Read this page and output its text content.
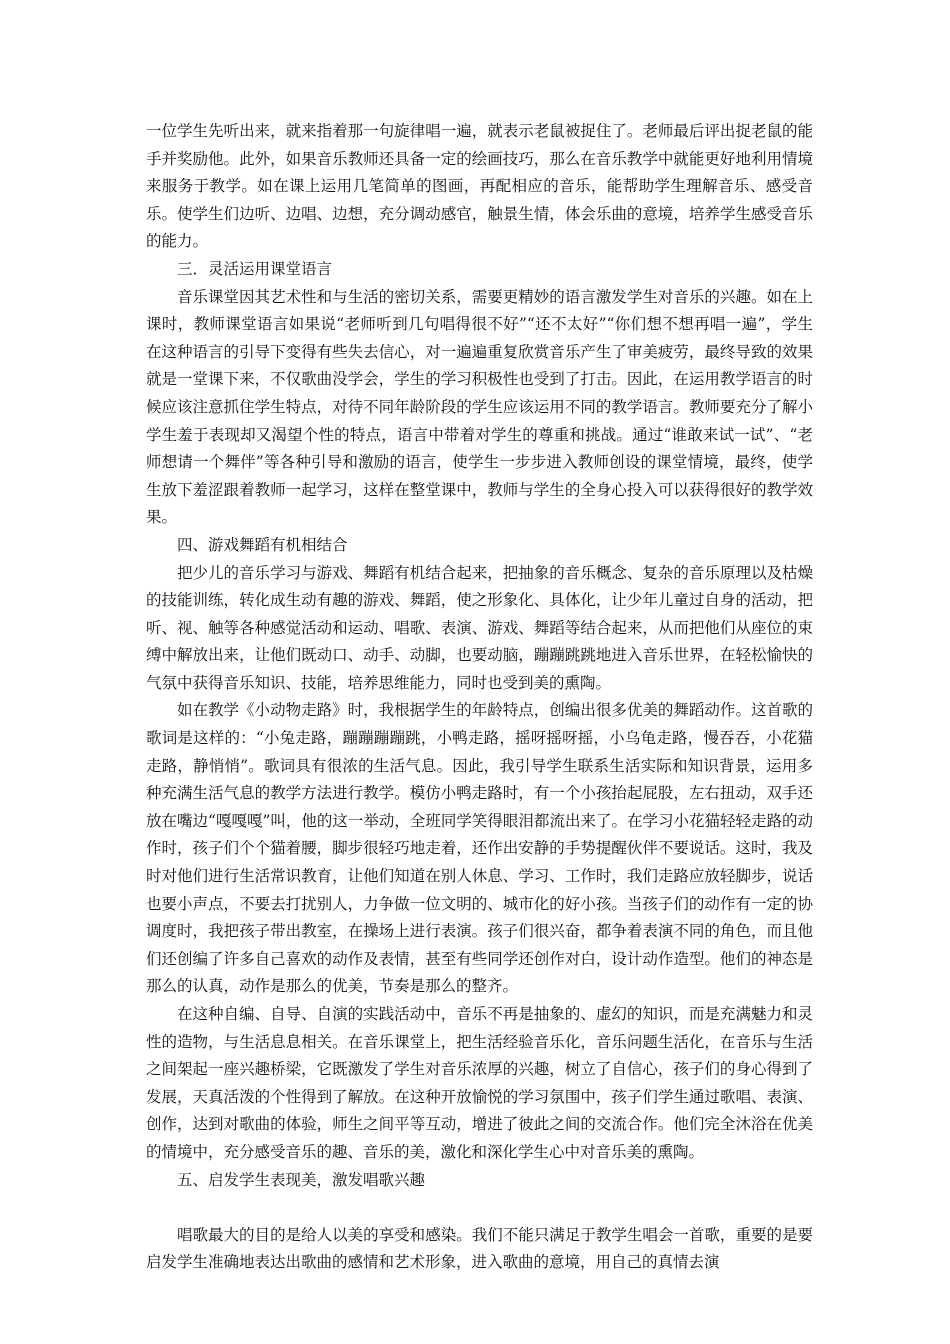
一位学生先听出来，就来指着那一句旋律唱一遍，就表示老鼠被捉住了。老师最后评出捉老鼠的能手并奖励他。此外，如果音乐教师还具备一定的绘画技巧，那么在音乐教学中就能更好地利用情境来服务于教学。如在课上运用几笔简单的图画，再配相应的音乐，能帮助学生理解音乐、感受音乐。使学生们边听、边唱、边想，充分调动感官，触景生情，体会乐曲的意境，培养学生感受音乐的能力。

三．灵活运用课堂语言

音乐课堂因其艺术性和与生活的密切关系，需要更精妙的语言激发学生对音乐的兴趣。如在上课时，教师课堂语言如果说“老师听到几句唱得很不好”“还不太好”“你们想不想再唱一遍”，学生在这种语言的引导下变得有些失去信心，对一遍遍重复欣赏音乐产生了审美疲劳，最终导致的效果就是一堂课下来，不仅歌曲没学会，学生的学习积极性也受到了打击。因此，在运用教学语言的时候应该注意抓住学生特点，对待不同年龄阶段的学生应该运用不同的教学语言。教师要充分了解小学生羞于表现却又渴望个性的特点，语言中带着对学生的尊重和挑战。通过“谁敢来试一试”、“老师想请一个舞伴”等各种引导和激励的语言，使学生一步步进入教师创设的课堂情境，最终，使学生放下羞涩跟着教师一起学习，这样在整堂课中，教师与学生的全身心投入可以获得很好的教学效果。

四、游戏舞蹈有机相结合

把少儿的音乐学习与游戏、舞蹈有机结合起来，把抽象的音乐概念、复杂的音乐原理以及枯燥的技能训练，转化成生动有趣的游戏、舞蹈，使之形象化、具体化，让少年儿童过自身的活动，把听、视、触等各种感觉活动和运动、唱歌、表演、游戏、舞蹈等结合起来，从而把他们从座位的束缚中解放出来，让他们既动口、动手、动脚，也要动脑，蹦蹦跳跳地进入音乐世界，在轻松愉快的气氛中获得音乐知识、技能，培养思维能力，同时也受到美的熏陶。

如在教学《小动物走路》时，我根据学生的年龄特点，创编出很多优美的舞蹈动作。这首歌的歌词是这样的：“小兔走路，蹦蹦蹦蹦跳，小鸭走路，摇呀摇呀摇，小乌龟走路，慢吞吞，小花猫走路，静悄悄”。歌词具有很浓的生活气息。因此，我引导学生联系生活实际和知识背景，运用多种充满生活气息的教学方法进行教学。模仿小鸭走路时，有一个小孩抬起屁股，左右扭动，双手还放在嘴边“嘎嘎嘎”叫，他的这一举动，全班同学笑得眼泪都流出来了。在学习小花猫轻轻走路的动作时，孩子们个个猫着腰，脚步很轻巧地走着，还作出安静的手势提醒伙伴不要说话。这时，我及时对他们进行生活常识教育，让他们知道在别人休息、学习、工作时，我们走路应放轻脚步，说话也要小声点，不要去打扰别人，力争做一位文明的、城市化的好小孩。当孩子们的动作有一定的协调度时，我把孩子带出教室，在操场上进行表演。孩子们很兴奋，都争着表演不同的角色，而且他们还创编了许多自己喜欢的动作及表情，甚至有些同学还创作对白，设计动作造型。他们的神态是那么的认真，动作是那么的优美，节奏是那么的整齐。

在这种自编、自导、自演的实践活动中，音乐不再是抽象的、虚幻的知识，而是充满魅力和灵性的造物，与生活息息相关。在音乐课堂上，把生活经验音乐化，音乐问题生活化，在音乐与生活之间架起一座兴趣桥梁，它既激发了学生对音乐浓厚的兴趣，树立了自信心，孩子们的身心得到了发展，天真活泼的个性得到了解放。在这种开放愉悦的学习氛围中，孩子们学生通过歌唱、表演、创作，达到对歌曲的体验，师生之间平等互动，增进了彼此之间的交流合作。他们完全沐浴在优美的情境中，充分感受音乐的趣、音乐的美，激化和深化学生心中对音乐美的熏陶。

五、启发学生表现美，激发唱歌兴趣

唱歌最大的目的是给人以美的享受和感染。我们不能只满足于教学生唱会一首歌，重要的是要启发学生准确地表达出歌曲的感情和艺术形象，进入歌曲的意境，用自己的真情去演
